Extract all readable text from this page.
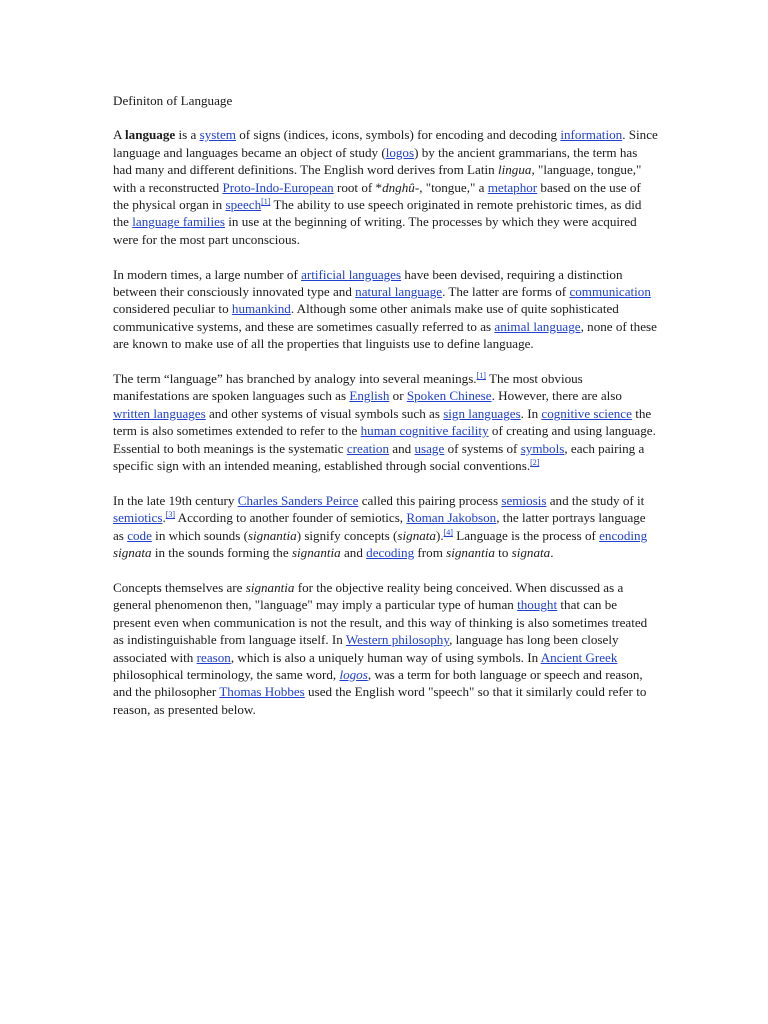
Definiton of Language

A language is a system of signs (indices, icons, symbols) for encoding and decoding information. Since language and languages became an object of study (logos) by the ancient grammarians, the term has had many and different definitions. The English word derives from Latin lingua, "language, tongue," with a reconstructed Proto-Indo-European root of *dnghû-, "tongue," a metaphor based on the use of the physical organ in speech[1] The ability to use speech originated in remote prehistoric times, as did the language families in use at the beginning of writing. The processes by which they were acquired were for the most part unconscious.

In modern times, a large number of artificial languages have been devised, requiring a distinction between their consciously innovated type and natural language. The latter are forms of communication considered peculiar to humankind. Although some other animals make use of quite sophisticated communicative systems, and these are sometimes casually referred to as animal language, none of these are known to make use of all the properties that linguists use to define language.

The term “language” has branched by analogy into several meanings.[1] The most obvious manifestations are spoken languages such as English or Spoken Chinese. However, there are also written languages and other systems of visual symbols such as sign languages. In cognitive science the term is also sometimes extended to refer to the human cognitive facility of creating and using language. Essential to both meanings is the systematic creation and usage of systems of symbols, each pairing a specific sign with an intended meaning, established through social conventions.[2]

In the late 19th century Charles Sanders Peirce called this pairing process semiosis and the study of it semiotics.[3] According to another founder of semiotics, Roman Jakobson, the latter portrays language as code in which sounds (signantia) signify concepts (signata).[4] Language is the process of encoding signata in the sounds forming the signantia and decoding from signantia to signata.

Concepts themselves are signantia for the objective reality being conceived. When discussed as a general phenomenon then, "language" may imply a particular type of human thought that can be present even when communication is not the result, and this way of thinking is also sometimes treated as indistinguishable from language itself. In Western philosophy, language has long been closely associated with reason, which is also a uniquely human way of using symbols. In Ancient Greek philosophical terminology, the same word, logos, was a term for both language or speech and reason, and the philosopher Thomas Hobbes used the English word "speech" so that it similarly could refer to reason, as presented below.
